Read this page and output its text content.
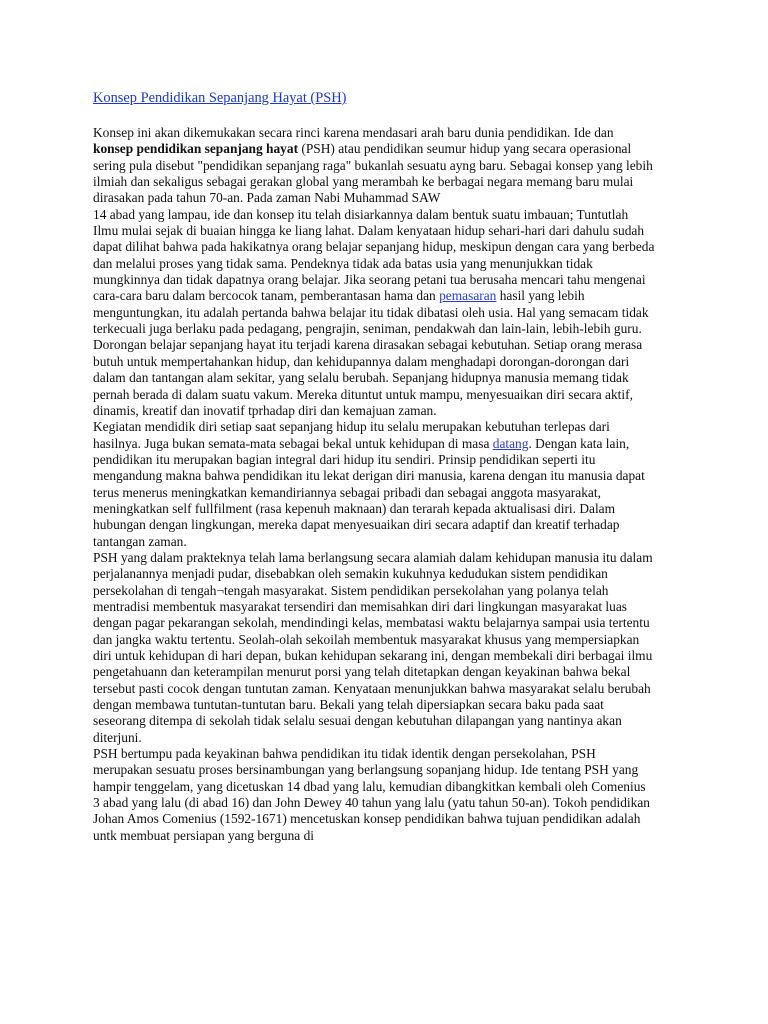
Konsep Pendidikan Sepanjang Hayat (PSH)

Konsep ini akan dikemukakan secara rinci karena mendasari arah baru dunia pendidikan. Ide dan konsep pendidikan sepanjang hayat (PSH) atau pendidikan seumur hidup yang secara operasional sering pula disebut "pendidikan sepanjang raga" bukanlah sesuatu ayng baru. Sebagai konsep yang lebih ilmiah dan sekaligus sebagai gerakan global yang merambah ke berbagai negara memang baru mulai dirasakan pada tahun 70-an. Pada zaman Nabi Muhammad SAW

14 abad yang lampau, ide dan konsep itu telah disiarkannya dalam bentuk suatu imbauan; Tuntutlah Ilmu mulai sejak di buaian hingga ke liang lahat. Dalam kenyataan hidup sehari-hari dari dahulu sudah dapat dilihat bahwa pada hakikatnya orang belajar sepanjang hidup, meskipun dengan cara yang berbeda dan melalui proses yang tidak sama. Pendeknya tidak ada batas usia yang menunjukkan tidak mungkinnya dan tidak dapatnya orang belajar. Jika seorang petani tua berusaha mencari tahu mengenai cara-cara baru dalam bercocok tanam, pemberantasan hama dan pemasaran hasil yang lebih menguntungkan, itu adalah pertanda bahwa belajar itu tidak dibatasi oleh usia. Hal yang semacam tidak terkecuali juga berlaku pada pedagang, pengrajin, seniman, pendakwah dan lain-lain, lebih-lebih guru. Dorongan belajar sepanjang hayat itu terjadi karena dirasakan sebagai kebutuhan. Setiap orang merasa butuh untuk mempertahankan hidup, dan kehidupannya dalam menghadapi dorongan-dorongan dari dalam dan tantangan alam sekitar, yang selalu berubah. Sepanjang hidupnya manusia memang tidak pernah berada di dalam suatu vakum. Mereka dituntut untuk mampu, menyesuaikan diri secara aktif, dinamis, kreatif dan inovatif tprhadap diri dan kemajuan zaman.

Kegiatan mendidik diri setiap saat sepanjang hidup itu selalu merupakan kebutuhan terlepas dari hasilnya. Juga bukan semata-mata sebagai bekal untuk kehidupan di masa datang. Dengan kata lain, pendidikan itu merupakan bagian integral dari hidup itu sendiri. Prinsip pendidikan seperti itu mengandung makna bahwa pendidikan itu lekat derigan diri manusia, karena dengan itu manusia dapat terus menerus meningkatkan kemandiriannya sebagai pribadi dan sebagai anggota masyarakat, meningkatkan self fullfilment (rasa kepenuh maknaan) dan terarah kepada aktualisasi diri. Dalam hubungan dengan lingkungan, mereka dapat menyesuaikan diri secara adaptif dan kreatif terhadap tantangan zaman.

PSH yang dalam prakteknya telah lama berlangsung secara alamiah dalam kehidupan manusia itu dalam perjalanannya menjadi pudar, disebabkan oleh semakin kukuhnya kedudukan sistem pendidikan persekolahan di tengah¬tengah masyarakat. Sistem pendidikan persekolahan yang polanya telah mentradisi membentuk masyarakat tersendiri dan memisahkan diri dari lingkungan masyarakat luas dengan pagar pekarangan sekolah, mendindingi kelas, membatasi waktu belajarnya sampai usia tertentu dan jangka waktu tertentu. Seolah-olah sekoilah membentuk masyarakat khusus yang mempersiapkan diri untuk kehidupan di hari depan, bukan kehidupan sekarang ini, dengan membekali diri berbagai ilmu pengetahuann dan keterampilan menurut porsi yang telah ditetapkan dengan keyakinan bahwa bekal tersebut pasti cocok dengan tuntutan zaman. Kenyataan menunjukkan bahwa masyarakat selalu berubah dengan membawa tuntutan-tuntutan baru. Bekali yang telah dipersiapkan secara baku pada saat seseorang ditempa di sekolah tidak selalu sesuai dengan kebutuhan dilapangan yang nantinya akan diterjuni.

PSH bertumpu pada keyakinan bahwa pendidikan itu tidak identik dengan persekolahan, PSH merupakan sesuatu proses bersinambungan yang berlangsung sopanjang hidup. Ide tentang PSH yang hampir tenggelam, yang dicetuskan 14 dbad yang lalu, kemudian dibangkitkan kembali oleh Comenius 3 abad yang lalu (di abad 16) dan John Dewey 40 tahun yang lalu (yatu tahun 50-an). Tokoh pendidikan Johan Amos Comenius (1592-1671) mencetuskan konsep pendidikan bahwa tujuan pendidikan adalah untk membuat persiapan yang berguna di
